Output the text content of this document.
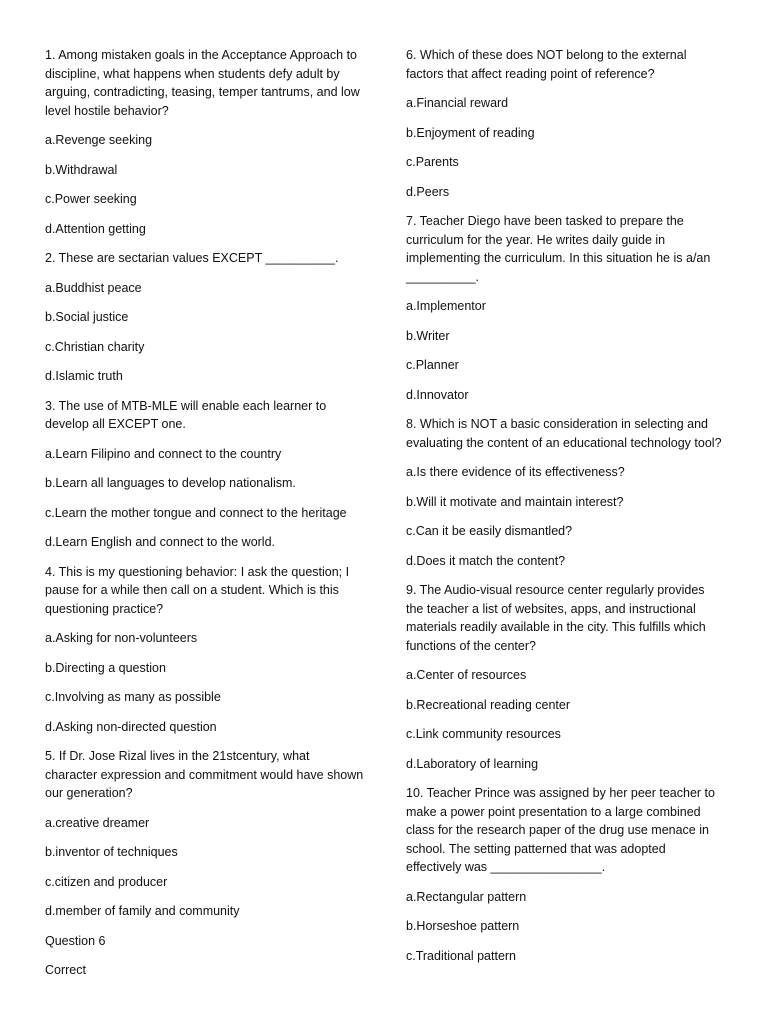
1. Among mistaken goals in the Acceptance Approach to discipline, what happens when students defy adult by arguing, contradicting, teasing, temper tantrums, and low level hostile behavior?

a.Revenge seeking

b.Withdrawal

c.Power seeking

d.Attention getting

2. These are sectarian values EXCEPT __________.

a.Buddhist peace

b.Social justice

c.Christian charity

d.Islamic truth

3. The use of MTB-MLE will enable each learner to develop all EXCEPT one.

a.Learn Filipino and connect to the country

b.Learn all languages to develop nationalism.

c.Learn the mother tongue and connect to the heritage

d.Learn English and connect to the world.

4. This is my questioning behavior: I ask the question; I pause for a while then call on a student. Which is this questioning practice?

a.Asking for non-volunteers

b.Directing a question

c.Involving as many as possible

d.Asking non-directed question

5. If Dr. Jose Rizal lives in the 21stcentury, what character expression and commitment would have shown our generation?

a.creative dreamer

b.inventor of techniques

c.citizen and producer

d.member of family and community

Question 6

Correct

6. Which of these does NOT belong to the external factors that affect reading point of reference?

a.Financial reward

b.Enjoyment of reading

c.Parents

d.Peers

7. Teacher Diego have been tasked to prepare the curriculum for the year. He writes daily guide in implementing the curriculum. In this situation he is a/an __________.

a.Implementor

b.Writer

c.Planner

d.Innovator

8. Which is NOT a basic consideration in selecting and evaluating the content of an educational technology tool?

a.Is there evidence of its effectiveness?

b.Will it motivate and maintain interest?

c.Can it be easily dismantled?

d.Does it match the content?

9. The Audio-visual resource center regularly provides the teacher a list of websites, apps, and instructional materials readily available in the city. This fulfills which functions of the center?

a.Center of resources

b.Recreational reading center

c.Link community resources

d.Laboratory of learning

10. Teacher Prince was assigned by her peer teacher to make a power point presentation to a large combined class for the research paper of the drug use menace in school. The setting patterned that was adopted effectively was ________________.

a.Rectangular pattern

b.Horseshoe pattern

c.Traditional pattern
